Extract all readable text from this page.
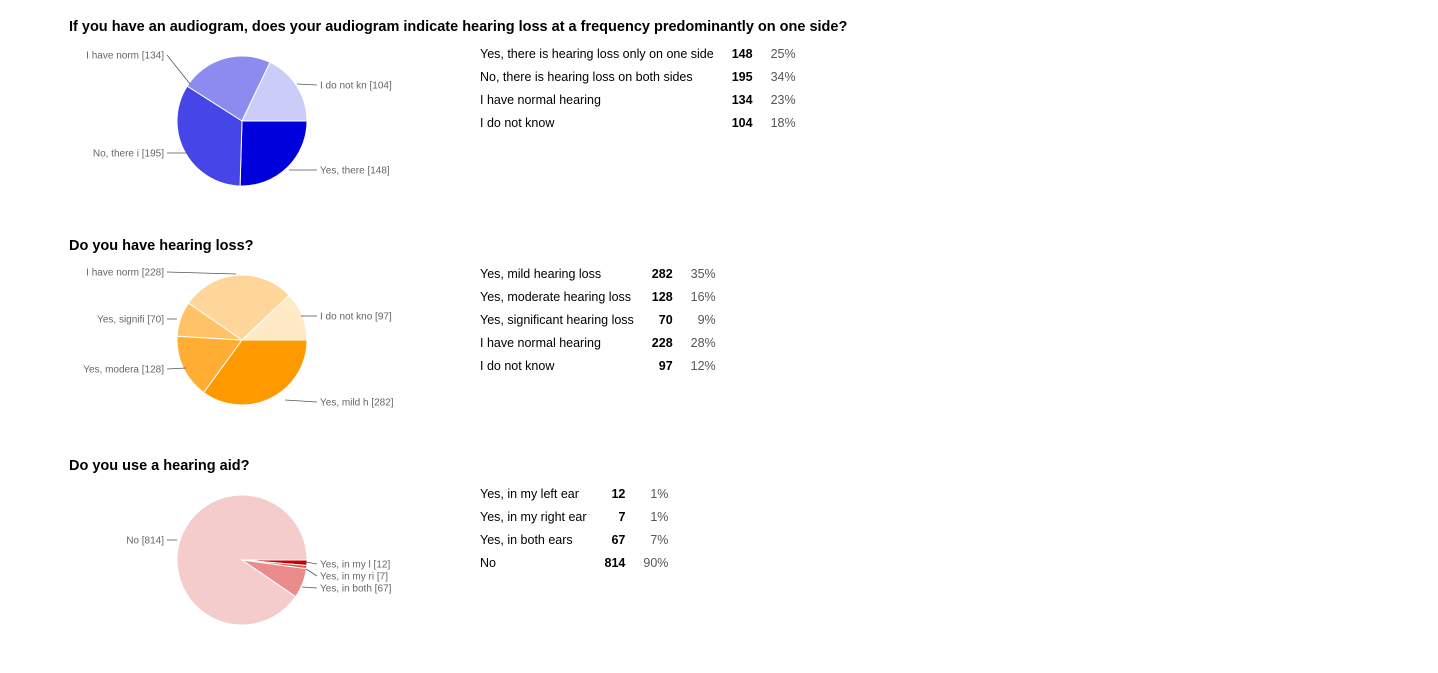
If you have an audiogram, does your audiogram indicate hearing loss at a frequency predominantly on one side?
Yes, there [148]
No, there i [195]
I have norm [134]
I do not kn [104]
Yes, there is hearing loss only on one side	148	25%
No, there is hearing loss on both sides	195	34%
I have normal hearing	134	23%
I do not know	104	18%
Do you have hearing loss?
Yes, mild h [282]
Yes, modera [128]
Yes, signifi [70]
I have norm [228]
I do not kno [97]
Yes, mild hearing loss	282	35%
Yes, moderate hearing loss	128	16%
Yes, significant hearing loss	70	9%
I have normal hearing	228	28%
I do not know	97	12%
Do you use a hearing aid?
Yes, in my l [12]
Yes, in my ri [7]
Yes, in both [67]
No [814]
Yes, in my left ear	12	1%
Yes, in my right ear	7	1%
Yes, in both ears	67	7%
No	814	90%
